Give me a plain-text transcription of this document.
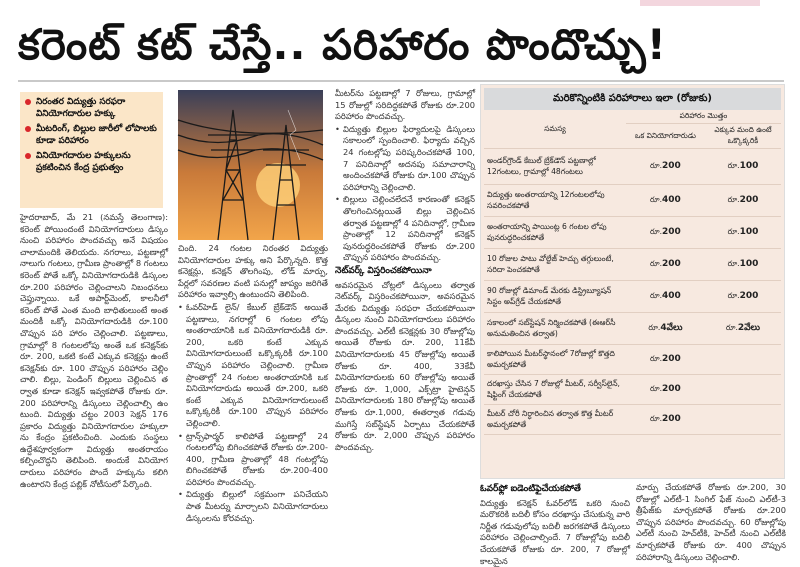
కరెంట్ కట్ చేస్తే.. పరిహారం పొందొచ్చు!
నిరంతర విద్యుత్తు సరఫరా వినియోగదారుల హక్కు
మీటరింగ్, బిల్లుల జారీలో లోపాలకు కూడా పరిహారం
వినియోగదారుల హక్కులను ప్రకటించిన కేంద్ర ప్రభుత్వం

హైదరాబాద్, మే 21 (నమస్తే తెలంగాణ): కరెంట్ పోయిందంటే వినియోగదారులు డిస్కం నుంచి పరిహారం పొందవచ్చు అనే విషయం చాలామందికి తెలియదు. నగరాలు, పట్టణాల్లో నాలుగు గంటలు, గ్రామీణ ప్రాంతాల్లో 8 గంటలు కరెంట్ పోతే ఒక్కో వినియోగదారుడికి డిస్కంల రూ.200 పరిహారం చెల్లించాలని నిబంధనలు చెప్తున్నాయి. ఒకే అపార్ట్‌మెంట్, కాలనీలో కరెంట్ పోతే ఎంత మంది బాధితులుంటే అంత మందికీ ఒక్కో వినియోగదారుడికి రూ.100 చొప్పున పరి హారం చెల్లించాలి. పట్టణాలు, గ్రామాల్లో 8 గంటలలోపు అంతే ఒక కనెక్షన్‌కు రూ. 200, ఒకటి కంటే ఎక్కువ కనెక్షన్లు ఉంటే కనెక్షన్‌కు రూ. 100 చొప్పున పరిహారం చెల్లిం చాలి. బిల్లు, పెండింగ్ బిల్లులు చెల్లించిన త ర్వాత కూడా కనెక్షన్ ఇవ్వకపోతే రోజుకు రూ. 200 పరిహారాన్ని డిస్కంలు చెల్లించాల్సి ఉం టుంది. విద్యుత్తు చట్టం 2003 సెక్షన్ 176 ప్రకారం విద్యుత్తు వినియోగదారుల హక్కులా ను కేంద్రం ప్రకటించింది. ఎందుకు సంస్థలు ఉద్దేశపూర్వకంగా విద్యుత్తు అంతరాయం కల్పించొద్దని తెలిపింది. అందుకే వినియోగ దారులు పరిహారం పొందే హక్కును కలిగి ఉంటారని కేంద్ర పబ్లిక్ నోటీసులో పేర్కొంది.

చింది. 24 గంటల నిరంతర విద్యుత్తు వినియోగదారుల హక్కు అని పేర్కొన్నది. కొత్త కనెక్షన్లు, కనెక్షన్ తొలగింపు, లోడ్ మార్పు, పేర్లలో సవరణల వంటి పనుల్లో జాప్యం జరిగితే పరిహారం ఇవ్వాల్సి ఉంటుందని తెలిపింది.

• ఓవర్‌హెడ్ లైన్/ కేబుల్ బ్రేక్‌డౌన్ అయితే పట్టణాలు, నగరాల్లో 6 గంటల లోపు అంతరాయానికి ఒక వినియోగదారుడికి రూ. 200, ఒకరి కంటే ఎక్కువ వినియోగదారులుంటే ఒక్కొక్కరికీ రూ.100 చొప్పున పరిహారం చెల్లించాలి. గ్రామీణ ప్రాంతాల్లో 24 గంటల అంతరాయానికి ఒక వినియోగదారుడు అయితే రూ.200, ఒకరి కంటే ఎక్కువ వినియోగదారులుంటే ఒక్కొక్కరికీ రూ.100 చొప్పున పరిహారం చెల్లించాలి.

• ట్రాన్స్‌ఫార్మర్ కాలిపోతే పట్టణాల్లో 24 గంటలలోపు బిగించకపోతే రోజుకు రూ.200-400, గ్రామీణ ప్రాంతాల్లో 48 గంటల్లోపు బిగించకపోతే రోజుకు రూ.200-400 పరిహారం పొందవచ్చు.

• విద్యుత్తు బిల్లులో సక్రమంగా పనిచేయని పాత మీటర్ను మార్చాలని వినియోగదారులు డిస్కంలను కోరవచ్చు.

మీటర్‌ను పట్టణాల్లో 7 రోజులు, గ్రామాల్లో 15 రోజుల్లో సరిదిద్దకపోతే రోజుకు రూ.200 పరిహారం పొందవచ్చు.

• విద్యుత్తు బిల్లుల ఫిర్యాదులపై డిస్కంలు సకాలంలో స్పందించాలి. ఫిర్యాదు వచ్చిన 24 గంటల్లోపు పరిష్కరించకపోతే 100, 7 పనిదినాల్లో అదనపు సమాచారాన్ని అందించకపోతే రోజుకు రూ.100 చొప్పున పరిహారాన్ని చెల్లించాలి.

• బిల్లులు చెల్లించలేదనే కారణంతో కనెక్షన్ తొలగించినట్లయితే బిల్లు చెల్లించిన తర్వాత పట్టణాల్లో 4 పనిదినాల్లో, గ్రామీణ ప్రాంతాల్లో 12 పనిదినాల్లో కనెక్షన్ పునరుద్ధరించకపోతే రోజుకు రూ.200 చొప్పున పరిహారం పొందవచ్చు.

నెట్‌వర్క్ విస్తరించకపోయినా

అవసరమైన చోట్లలో డిస్కంలు తర్వాత నెట్‌వర్క్ విస్తరించకపోయినా, అవసరమైన మేరకు విద్యుత్తు సరఫరా చేయకపోయినా డిస్కంల నుంచి వినియోగదారులు పరిహారం పొందవచ్చు. ఎల్‌టీ కనెక్షన్లకు 30 రోజుల్లోపు అయితే రోజుకు రూ. 200, 11కేవీ వినియోగదారులకు 45 రోజుల్లోపు అయితే రోజుకు రూ. 400, 33కేవీ వినియోగదారులకు 60 రోజుల్లోపు అయితే రోజుకు రూ. 1,000, ఎక్స్‌ట్రా హైటెన్షన్ వినియోగదారులకు 180 రోజుల్లోపు అయితే రోజుకు రూ.1,000, ఈతర్వాత గడువు ముగిస్తే సబ్‌స్టేషన్ ఏర్పాటు చేయకపోతే రోజుకు రూ. 2,000 చొప్పున పరిహారం పొందవచ్చు.

మరికొన్నింటికి పరిహారాలు ఇలా (రోజుకు)
సమస్య	పరిహారం మొత్తం	
	ఒక వినియోగదారుడు	ఎక్కువ మంది ఉంటే ఒక్కొక్కరికీ
అండర్‌గ్రౌండ్ కేబుల్ బ్రేక్‌డౌన్ పట్టణాల్లో 12గంటలు, గ్రామాల్లో 48గంటలు	రూ.200	రూ.100
విద్యుత్తు అంతరాయాన్ని 12గంటలలోపు సవరించకపోతే	రూ.400	రూ.200
అంతరాయాన్ని పాయింట్ల 6 గంటల లోపు పునరుద్ధరించకపోతే	రూ.200	రూ.100
10 రోజుల పాటు వోల్టేజ్ హెచ్చు తగ్గులుంటే, సరిదా పెంచకపోతే	రూ.200	రూ.100
90 రోజుల్లో డిమాండ్ మేరకు డిస్ట్రిబ్యూషన్ సిస్టం అప్‌గ్రేడ్ చేయకపోతే	రూ.400	రూ.200
సకాలంలో సబ్‌స్టేషన్ నిర్మించకపోతే (ఈఆర్‌సీ అనుమతించిన తర్వాత)	రూ.4వేలు	రూ.2వేలు
కాలిపోయిన మీటర్‌స్థానంలో 7రోజుల్లో కొత్తది అమర్చకపోతే	రూ.200	
దరఖాస్తు చేసిన 7 రోజుల్లో మీటర్, సర్వీస్‌లైన్, షిఫ్టింగ్ చేయకపోతే	రూ.200	
మీటర్ చోరీ నిర్ధారించిన తర్వాత కొత్త మీటర్ అమర్చకపోతే	రూ.200	
ఓవర్‌ఫ్లో ఐడెంటిఫైచేయకపోతే

విద్యుత్తు కనెక్షన్ ఓవర్‌లోడ్ ఒకరి నుంచి మరొకరికి బదిలీ కోసం దరఖాస్తు చేసుకున్న వారి నిర్ణీత గడువులోపు బదిలీ జరగకపోతే డిస్కంలు పరిహారం చెల్లించాల్సిందే. 7 రోజుల్లోపు బదిలీ చేయకపోతే రోజుకు రూ. 200, 7 రోజుల్లో కాలమైన

మార్పు చేయకపోతే రోజుకు రూ.200, 30 రోజుల్లో ఎల్‌టీ-1 సింగిల్ ఫేజ్ నుంచి ఎల్‌టీ-3 త్రీఫేజ్‌కు మార్చకపోతే రోజుకు రూ.200 చొప్పున పరిహారం పొందవచ్చు. 60 రోజుల్లోపు ఎల్‌టీ నుంచి హెచ్‌టీకి, హెచ్‌టీ నుంచి ఎల్‌టీకి మార్చకపోతే రోజుకు రూ. 400 చొప్పున పరిహారాన్ని డిస్కంలు చెల్లించాలి.
